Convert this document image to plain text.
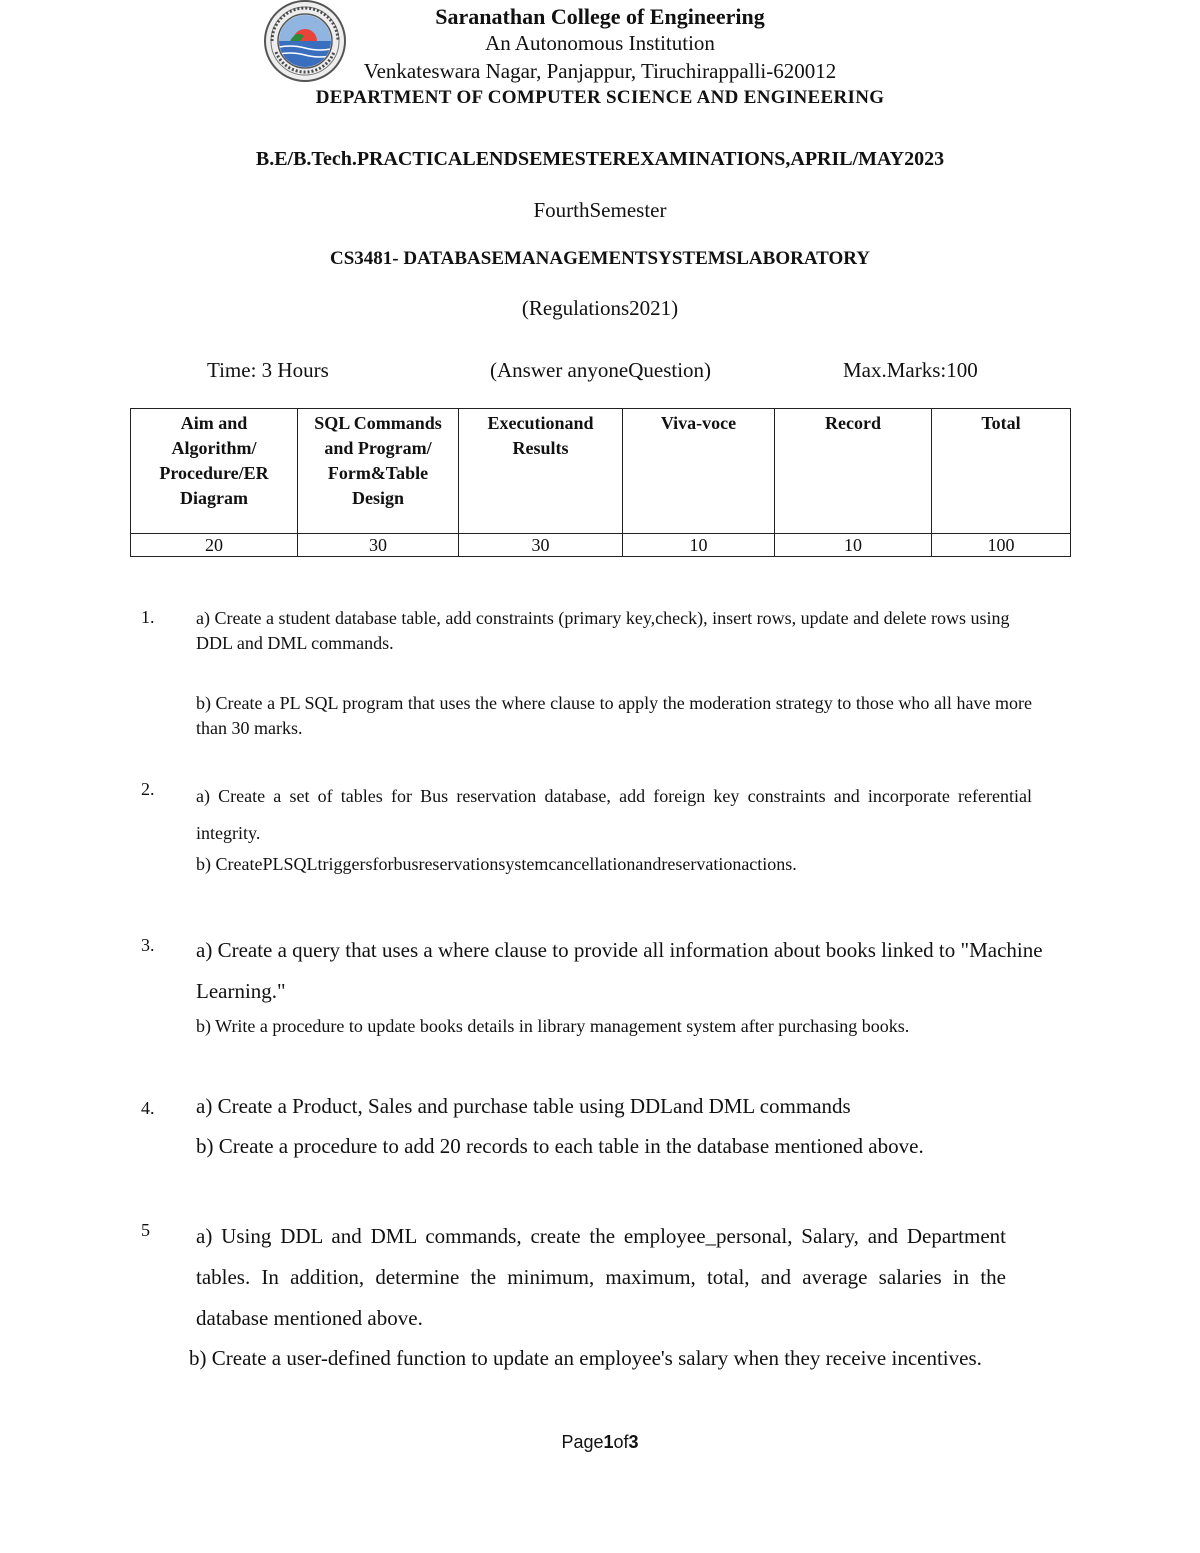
Saranathan College of Engineering
An Autonomous Institution
Venkateswara Nagar, Panjappur, Tiruchirappalli-620012
DEPARTMENT OF COMPUTER SCIENCE AND ENGINEERING
B.E/B.Tech.PRACTICALENDSEMESTEREXAMINATIONS,APRIL/MAY2023
FourthSemester
CS3481- DATABASEMANAGEMENTSYSTEMSLABORATORY
(Regulations2021)
Time: 3 Hours	(Answer anyoneQuestion)	Max.Marks:100
Aim and Algorithm/ Procedure/ER Diagram	SQL Commands and Program/ Form&Table Design	Executionand Results	Viva-voce	Record	Total
20	30	30	10	10	100
1. a) Create a student database table, add constraints (primary key,check), insert rows, update and delete rows using DDL and DML commands.
b) Create a PL SQL program that uses the where clause to apply the moderation strategy to those who all have more than 30 marks.
2. a) Create a set of tables for Bus reservation database, add foreign key constraints and incorporate referential integrity.
b) CreatePLSQLtriggersforbusreservationsystemcancellationandreservationactions.
3. a) Create a query that uses a where clause to provide all information about books linked to "Machine Learning."
b) Write a procedure to update books details in library management system after purchasing books.
4. a) Create a Product, Sales and purchase table using DDLand DML commands
b) Create a procedure to add 20 records to each table in the database mentioned above.
5 a) Using DDL and DML commands, create the employee_personal, Salary, and Department tables. In addition, determine the minimum, maximum, total, and average salaries in the database mentioned above.
b) Create a user-defined function to update an employee's salary when they receive incentives.
Page1of3
